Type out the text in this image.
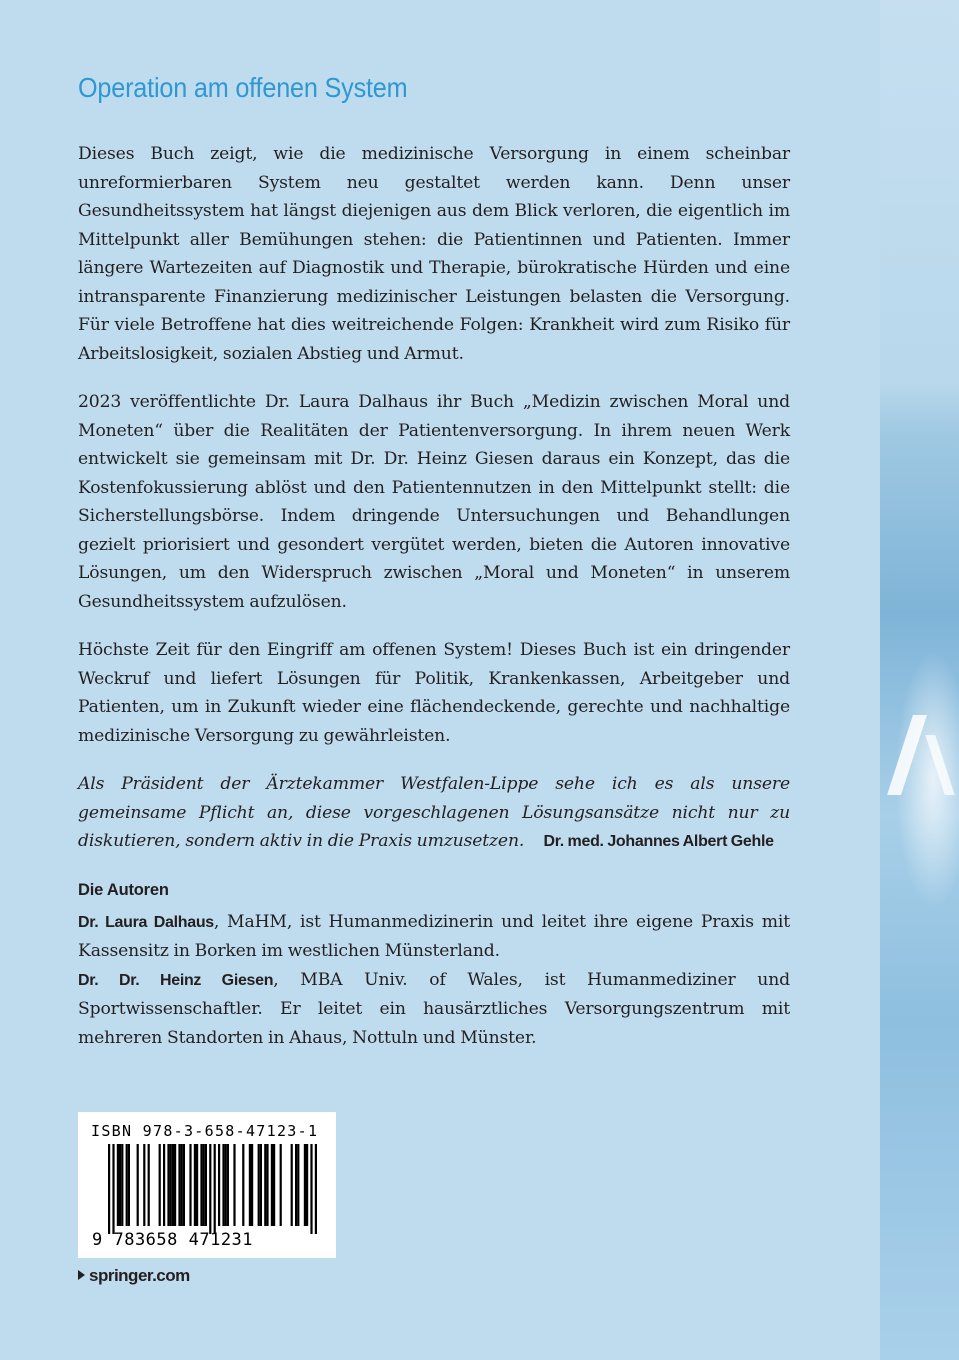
Operation am offenen System

Dieses Buch zeigt, wie die medizinische Versorgung in einem scheinbar unreformierbaren System neu gestaltet werden kann. Denn unser Gesundheitssystem hat längst diejenigen aus dem Blick verloren, die eigentlich im Mittelpunkt aller Bemühungen stehen: die Patientinnen und Patienten. Immer längere Wartezeiten auf Diagnostik und Therapie, bürokratische Hürden und eine intransparente Finanzierung medizinischer Leistungen belasten die Versorgung. Für viele Betroffene hat dies weitreichende Folgen: Krankheit wird zum Risiko für Arbeitslosigkeit, sozialen Abstieg und Armut.

2023 veröffentlichte Dr. Laura Dalhaus ihr Buch „Medizin zwischen Moral und Moneten“ über die Realitäten der Patientenversorgung. In ihrem neuen Werk entwickelt sie gemeinsam mit Dr. Dr. Heinz Giesen daraus ein Konzept, das die Kostenfokussierung ablöst und den Patientennutzen in den Mittelpunkt stellt: die Sicherstellungsbörse. Indem dringende Untersuchungen und Behandlungen gezielt priorisiert und gesondert vergütet werden, bieten die Autoren innovative Lösungen, um den Widerspruch zwischen „Moral und Moneten“ in unserem Gesundheitssystem aufzulösen.

Höchste Zeit für den Eingriff am offenen System! Dieses Buch ist ein dringender Weckruf und liefert Lösungen für Politik, Krankenkassen, Arbeitgeber und Patienten, um in Zukunft wieder eine flächendeckende, gerechte und nachhaltige medizinische Versorgung zu gewährleisten.

Als Präsident der Ärztekammer Westfalen-Lippe sehe ich es als unsere gemeinsame Pflicht an, diese vorgeschlagenen Lösungsansätze nicht nur zu diskutieren, sondern aktiv in die Praxis umzusetzen. Dr. med. Johannes Albert Gehle

Die Autoren

Dr. Laura Dalhaus, MaHM, ist Humanmedizinerin und leitet ihre eigene Praxis mit Kassensitz in Borken im westlichen Münsterland.

Dr. Dr. Heinz Giesen, MBA Univ. of Wales, ist Humanmediziner und Sportwissenschaftler. Er leitet ein hausärztliches Versorgungszentrum mit mehreren Standorten in Ahaus, Nottuln und Münster.

ISBN 978-3-658-47123-1
9 783658 471231
springer.com
